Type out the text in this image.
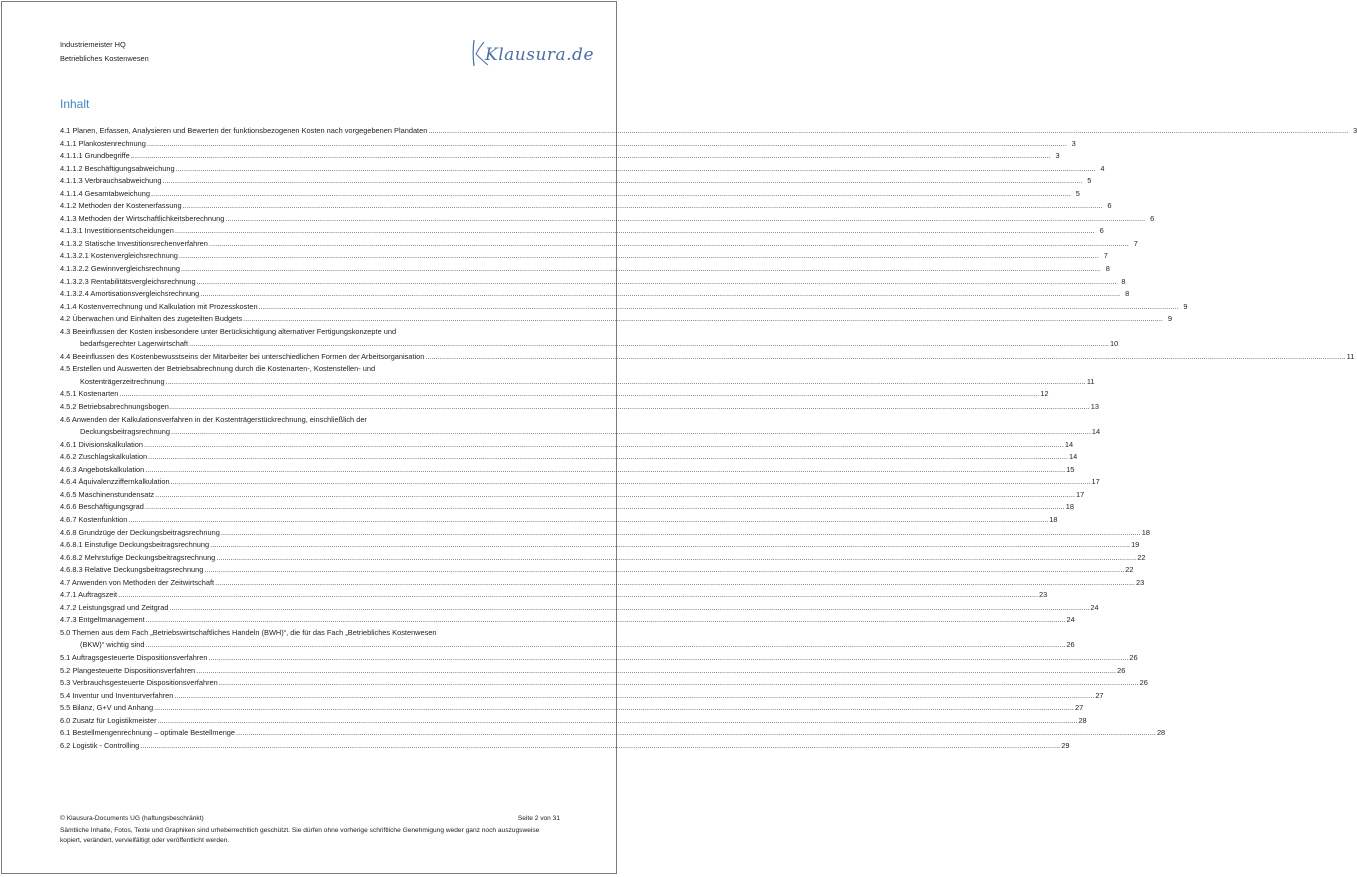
Industriemeister HQ
Betriebliches Kostenwesen	Klausura.de
Inhalt
4.1 Planen, Erfassen, Analysieren und Bewerten der funktionsbezogenen Kosten nach vorgegebenen Plandaten .....	3
4.1.1 Plankostenrechnung .....	3
4.1.1.1 Grundbegriffe .....	3
4.1.1.2 Beschäftigungsabweichung .....	4
4.1.1.3 Verbrauchsabweichung .....	5
4.1.1.4 Gesamtabweichung .....	5
4.1.2 Methoden der Kostenerfassung .....	6
4.1.3 Methoden der Wirtschaftlichkeitsberechnung .....	6
4.1.3.1 Investitionsentscheidungen .....	6
4.1.3.2 Statische Investitionsrechenverfahren .....	7
4.1.3.2.1 Kostenvergleichsrechnung .....	7
4.1.3.2.2 Gewinnvergleichsrechnung .....	8
4.1.3.2.3 Rentabilitätsvergleichsrechnung .....	8
4.1.3.2.4 Amortisationsvergleichsrechnung .....	8
4.1.4 Kostenverrechnung und Kalkulation mit Prozesskosten .....	9
4.2 Überwachen und Einhalten des zugeteilten Budgets .....	9
4.3 Beeinflussen der Kosten insbesondere unter Berücksichtigung alternativer Fertigungskonzepte und
bedarfsgerechter Lagerwirtschaft .....	10
4.4 Beeinflussen des Kostenbewusstseins der Mitarbeiter bei unterschiedlichen Formen der Arbeitsorganisation .....	11
4.5 Erstellen und Auswerten der Betriebsabrechnung durch die Kostenarten-, Kostenstellen- und
Kostenträgerzeitrechnung .....	11
4.5.1 Kostenarten .....	12
4.5.2 Betriebsabrechnungsbogen .....	13
4.6 Anwenden der Kalkulationsverfahren in der Kostenträgerstückrechnung, einschließlich der
Deckungsbeitragsrechnung .....	14
4.6.1 Divisionskalkulation .....	14
4.6.2 Zuschlagskalkulation .....	14
4.6.3 Angebotskalkulation .....	15
4.6.4 Äquivalenzziffernkalkulation .....	17
4.6.5 Maschinenstundensatz .....	17
4.6.6 Beschäftigungsgrad .....	18
4.6.7 Kostenfunktion .....	18
4.6.8 Grundzüge der Deckungsbeitragsrechnung .....	18
4.6.8.1 Einstufige Deckungsbeitragsrechnung .....	19
4.6.8.2 Mehrstufige Deckungsbeitragsrechnung .....	22
4.6.8.3 Relative Deckungsbeitragsrechnung .....	22
4.7 Anwenden von Methoden der Zeitwirtschaft .....	23
4.7.1 Auftragszeit .....	23
4.7.2 Leistungsgrad und Zeitgrad .....	24
4.7.3 Entgeltmanagement .....	24
5.0 Themen aus dem Fach „Betriebswirtschaftliches Handeln (BWH)“, die für das Fach „Betriebliches Kostenwesen
(BKW)“ wichtig sind .....	26
5.1 Auftragsgesteuerte Dispositionsverfahren .....	26
5.2 Plangesteuerte Dispositionsverfahren .....	26
5.3 Verbrauchsgesteuerte Dispositionsverfahren .....	26
5.4 Inventur und Inventurverfahren .....	27
5.5 Bilanz, G+V und Anhang .....	27
6.0 Zusatz für Logistikmeister .....	28
6.1 Bestellmengenrechnung – optimale Bestellmenge .....	28
6.2 Logistik - Controlling .....	29
© Klausura-Documents UG (haftungsbeschränkt)	Seite 2 von 31
Sämtliche Inhalte, Fotos, Texte und Graphiken sind urheberrechtlich geschützt. Sie dürfen ohne vorherige schriftliche Genehmigung weder ganz noch auszugsweise kopiert, verändert, vervielfältigt oder veröffentlicht werden.
